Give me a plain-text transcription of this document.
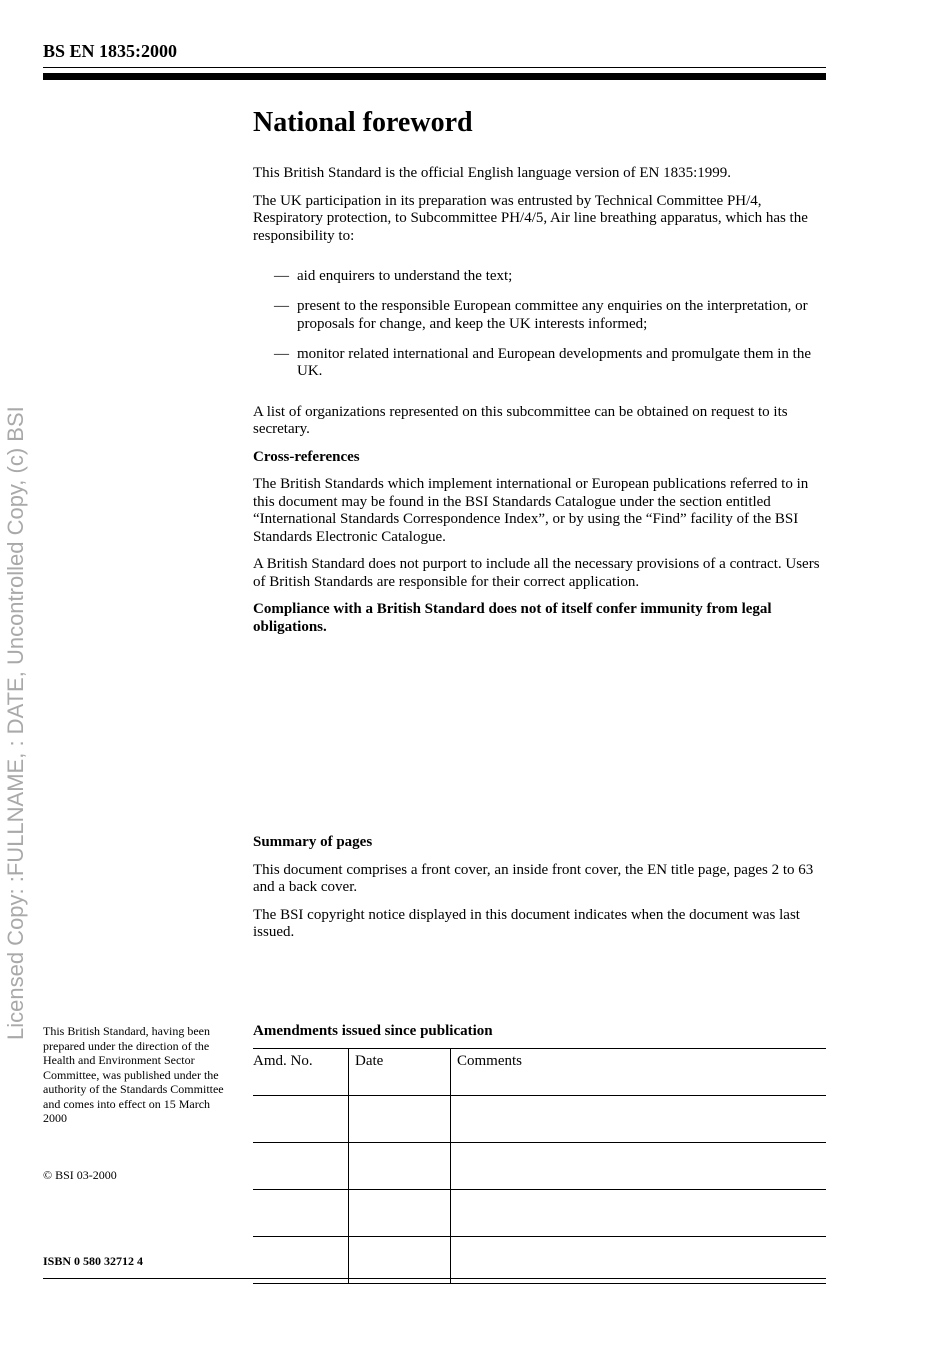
BS EN 1835:2000
Licensed Copy: :FULLNAME, : DATE, Uncontrolled Copy, (c) BSI
National foreword

This British Standard is the official English language version of EN 1835:1999.

The UK participation in its preparation was entrusted by Technical Committee PH/4, Respiratory protection, to Subcommittee PH/4/5, Air line breathing apparatus, which has the responsibility to:

— aid enquirers to understand the text;
— present to the responsible European committee any enquiries on the interpretation, or proposals for change, and keep the UK interests informed;
— monitor related international and European developments and promulgate them in the UK.

A list of organizations represented on this subcommittee can be obtained on request to its secretary.

Cross-references

The British Standards which implement international or European publications referred to in this document may be found in the BSI Standards Catalogue under the section entitled “International Standards Correspondence Index”, or by using the “Find” facility of the BSI Standards Electronic Catalogue.

A British Standard does not purport to include all the necessary provisions of a contract. Users of British Standards are responsible for their correct application.

Compliance with a British Standard does not of itself confer immunity from legal obligations.

Summary of pages

This document comprises a front cover, an inside front cover, the EN title page, pages 2 to 63 and a back cover.

The BSI copyright notice displayed in this document indicates when the document was last issued.

This British Standard, having been prepared under the direction of the Health and Environment Sector Committee, was published under the authority of the Standards Committee and comes into effect on 15 March 2000
© BSI 03-2000
ISBN 0 580 32712 4
Amendments issued since publication
Amd. No.	Date	Comments
